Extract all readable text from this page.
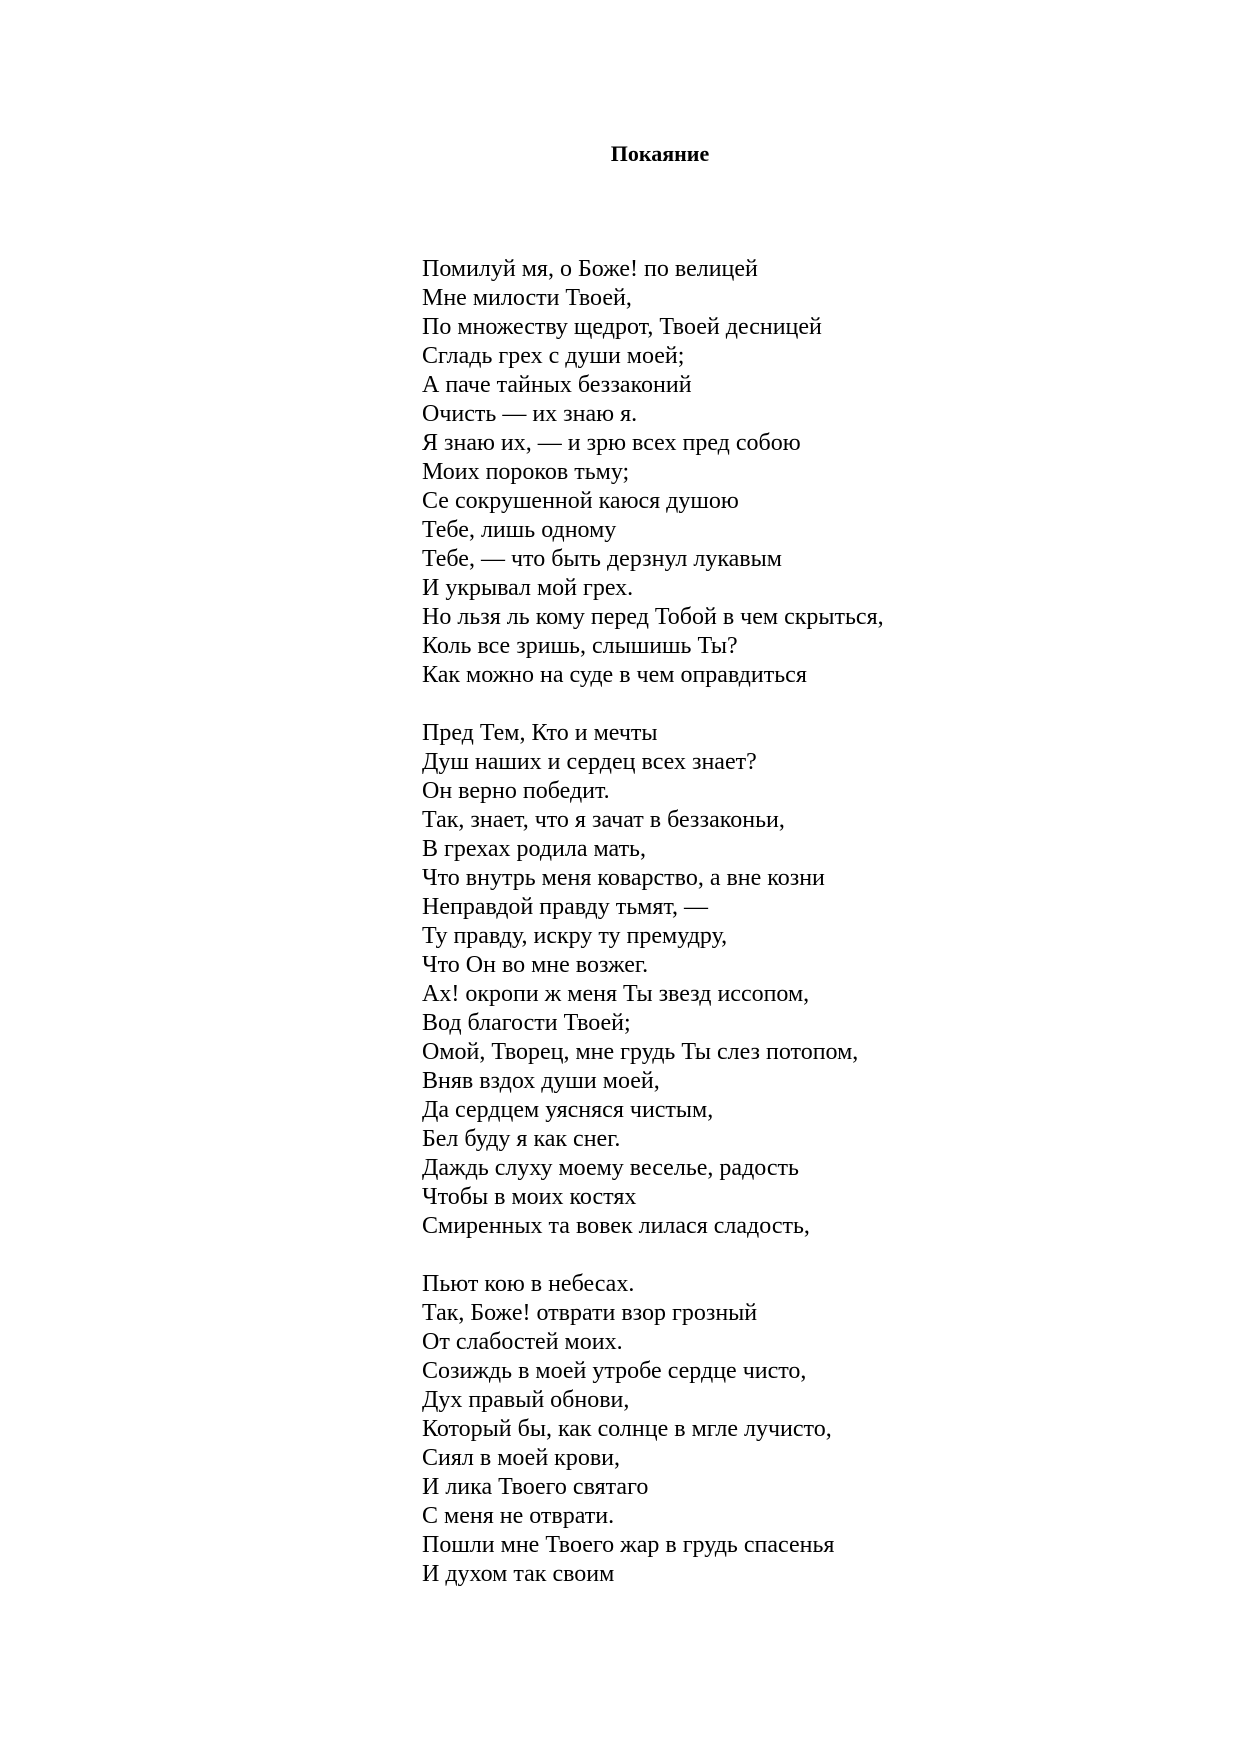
Покаяние
Помилуй мя, о Боже! по велицей
Мне милости Твоей,
По множеству щедрот, Твоей десницей
Сгладь грех с души моей;
А паче тайных беззаконий
Очисть — их знаю я.
Я знаю их, — и зрю всех пред собою
Моих пороков тьму;
Се сокрушенной каюся душою
Тебе, лишь одному
Тебе, — что быть дерзнул лукавым
И укрывал мой грех.
Но льзя ль кому перед Тобой в чем скрыться,
Коль все зришь, слышишь Ты?
Как можно на суде в чем оправдиться
Пред Тем, Кто и мечты
Душ наших и сердец всех знает?
Он верно победит.
Так, знает, что я зачат в беззаконьи,
В грехах родила мать,
Что внутрь меня коварство, а вне козни
Неправдой правду тьмят, —
Ту правду, искру ту премудру,
Что Он во мне возжег.
Ах! окропи ж меня Ты звезд иссопом,
Вод благости Твоей;
Омой, Творец, мне грудь Ты слез потопом,
Вняв вздох души моей,
Да сердцем уясняся чистым,
Бел буду я как снег.
Даждь слуху моему веселье, радость
Чтобы в моих костях
Смиренных та вовек лилася сладость,
Пьют кою в небесах.
Так, Боже! отврати взор грозный
От слабостей моих.
Созиждь в моей утробе сердце чисто,
Дух правый обнови,
Который бы, как солнце в мгле лучисто,
Сиял в моей крови,
И лика Твоего святаго
С меня не отврати.
Пошли мне Твоего жар в грудь спасенья
И духом так своим
